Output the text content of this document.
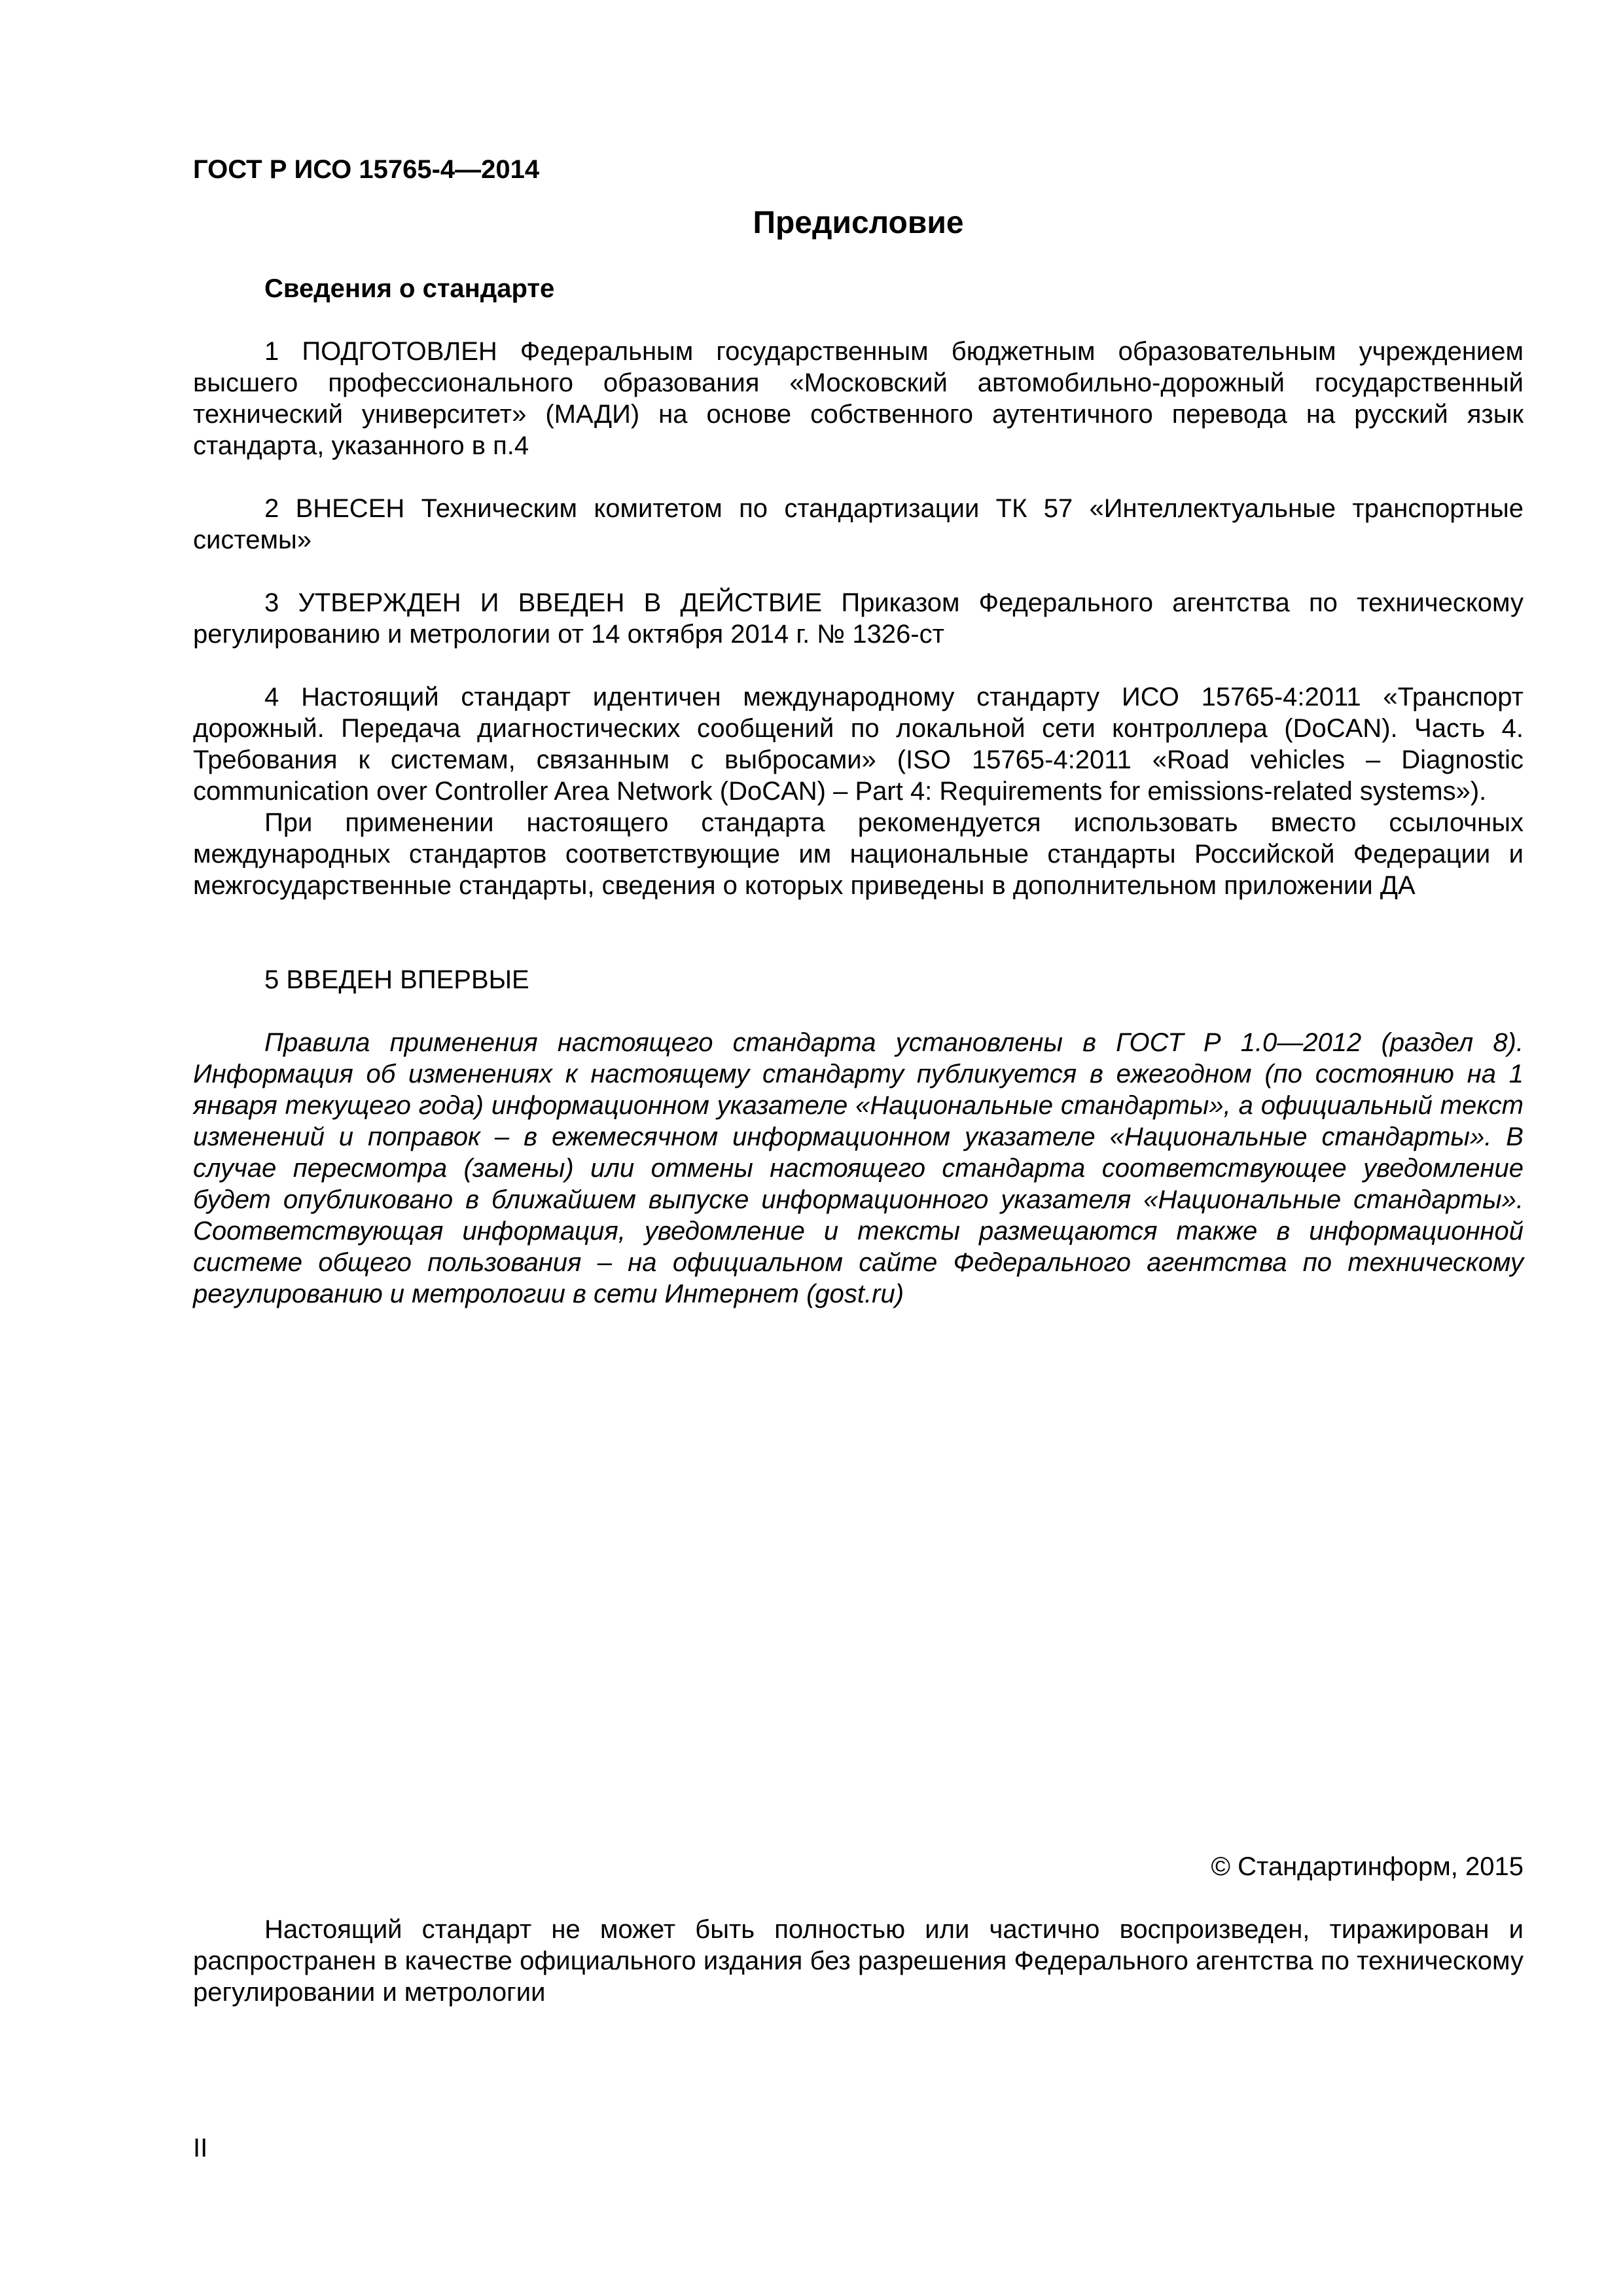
ГОСТ Р ИСО 15765-4—2014
Предисловие
Сведения о стандарте

1 ПОДГОТОВЛЕН Федеральным государственным бюджетным образовательным учреждением высшего профессионального образования «Московский автомобильно-дорожный государственный технический университет» (МАДИ) на основе собственного аутентичного перевода на русский язык стандарта, указанного в п.4

2 ВНЕСЕН Техническим комитетом по стандартизации ТК 57 «Интеллектуальные транспортные системы»

3 УТВЕРЖДЕН И ВВЕДЕН В ДЕЙСТВИЕ Приказом Федерального агентства по техническому регулированию и метрологии от 14 октября 2014 г. № 1326-ст

4 Настоящий стандарт идентичен международному стандарту ИСО 15765-4:2011 «Транспорт дорожный. Передача диагностических сообщений по локальной сети контроллера (DoCAN). Часть 4. Требования к системам, связанным с выбросами» (ISO 15765-4:2011 «Road vehicles – Diagnostic communication over Controller Area Network (DoCAN) – Part 4: Requirements for emissions-related systems»).

При применении настоящего стандарта рекомендуется использовать вместо ссылочных международных стандартов соответствующие им национальные стандарты Российской Федерации и межгосударственные стандарты, сведения о которых приведены в дополнительном приложении ДА

5 ВВЕДЕН ВПЕРВЫЕ

Правила применения настоящего стандарта установлены в ГОСТ Р 1.0—2012 (раздел 8). Информация об изменениях к настоящему стандарту публикуется в ежегодном (по состоянию на 1 января текущего года) информационном указателе «Национальные стандарты», а официальный текст изменений и поправок – в ежемесячном информационном указателе «Национальные стандарты». В случае пересмотра (замены) или отмены настоящего стандарта соответствующее уведомление будет опубликовано в ближайшем выпуске информационного указателя «Национальные стандарты». Соответствующая информация, уведомление и тексты размещаются также в информационной системе общего пользования – на официальном сайте Федерального агентства по техническому регулированию и метрологии в сети Интернет (gost.ru)

© Стандартинформ, 2015

Настоящий стандарт не может быть полностью или частично воспроизведен, тиражирован и распространен в качестве официального издания без разрешения Федерального агентства по техническому регулировании и метрологии

II
